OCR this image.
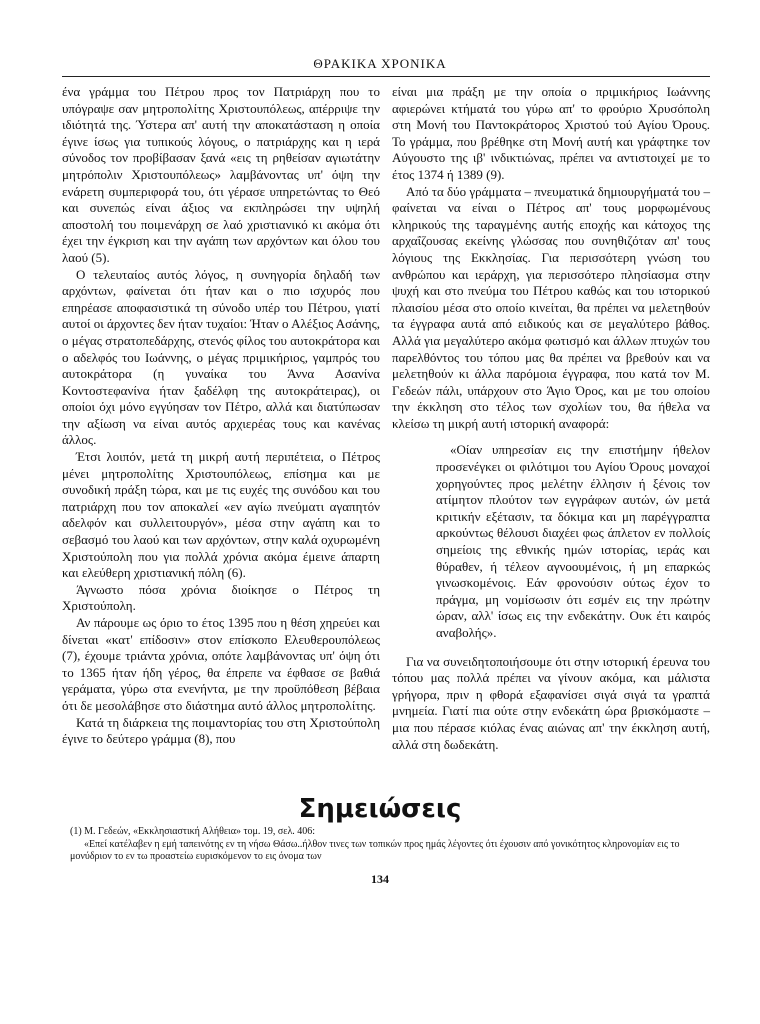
ΘΡΑΚΙΚΑ ΧΡΟΝΙΚΑ

ένα γράμμα του Πέτρου προς τον Πατριάρχη που το υπόγραψε σαν μητροπολίτης Χριστουπόλεως, απέρριψε την ιδιότητά της. Ύστερα απ' αυτή την αποκατάσταση η οποία έγινε ίσως για τυπικούς λόγους, ο πατριάρχης και η ιερά σύνοδος τον προβίβασαν ξανά «εις τη ρηθείσαν αγιωτάτην μητρόπολιν Χριστουπόλεως» λαμβάνοντας υπ' όψη την ενάρετη συμπεριφορά του, ότι γέρασε υπηρετώντας το Θεό και συνεπώς είναι άξιος να εκπληρώσει την υψηλή αποστολή του ποιμενάρχη σε λαό χριστιανικό κι ακόμα ότι έχει την έγκριση και την αγάπη των αρχόντων και όλου του λαού (5).

Ο τελευταίος αυτός λόγος, η συνηγορία δηλαδή των αρχόντων, φαίνεται ότι ήταν και ο πιο ισχυρός που επηρέασε αποφασιστικά τη σύνοδο υπέρ του Πέτρου, γιατί αυτοί οι άρχοντες δεν ήταν τυχαίοι: Ήταν ο Αλέξιος Ασάνης, ο μέγας στρατοπεδάρχης, στενός φίλος του αυτοκράτορα και ο αδελφός του Ιωάννης, ο μέγας πριμικήριος, γαμπρός του αυτοκράτορα (η γυναίκα του Άννα Ασανίνα Κοντοστεφανίνα ήταν ξαδέλφη της αυτοκράτειρας), οι οποίοι όχι μόνο εγγύησαν τον Πέτρο, αλλά και διατύπωσαν την αξίωση να είναι αυτός αρχιερέας τους και κανένας άλλος.

Έτσι λοιπόν, μετά τη μικρή αυτή περιπέτεια, ο Πέτρος μένει μητροπολίτης Χριστουπόλεως, επίσημα και με συνοδική πράξη τώρα, και με τις ευχές της συνόδου και του πατριάρχη που τον αποκαλεί «εν αγίω πνεύματι αγαπητόν αδελφόν και συλλειτουργόν», μέσα στην αγάπη και το σεβασμό του λαού και των αρχόντων, στην καλά οχυρωμένη Χριστούπολη που για πολλά χρόνια ακόμα έμεινε άπαρτη και ελεύθερη χριστιανική πόλη (6).

Άγνωστο πόσα χρόνια διοίκησε ο Πέτρος τη Χριστούπολη.

Αν πάρουμε ως όριο το έτος 1395 που η θέση χηρεύει και δίνεται «κατ' επίδοσιν» στον επίσκοπο Ελευθερουπόλεως (7), έχουμε τριάντα χρόνια, οπότε λαμβάνοντας υπ' όψη ότι το 1365 ήταν ήδη γέρος, θα έπρεπε να έφθασε σε βαθιά γεράματα, γύρω στα ενενήντα, με την προϋπόθεση βέβαια ότι δε μεσολάβησε στο διάστημα αυτό άλλος μητροπολίτης.

Κατά τη διάρκεια της ποιμαντορίας του στη Χριστούπολη έγινε το δεύτερο γράμμα (8), που

είναι μια πράξη με την οποία ο πριμικήριος Ιωάννης αφιερώνει κτήματά του γύρω απ' το φρούριο Χρυσόπολη στη Μονή του Παντοκράτορος Χριστού τού Αγίου Όρους. Το γράμμα, που βρέθηκε στη Μονή αυτή και γράφτηκε τον Αύγουστο της ιβ' ινδικτιώνας, πρέπει να αντιστοιχεί με το έτος 1374 ή 1389 (9).

Από τα δύο γράμματα – πνευματικά δημιουργήματά του – φαίνεται να είναι ο Πέτρος απ' τους μορφωμένους κληρικούς της ταραγμένης αυτής εποχής και κάτοχος της αρχαΐζουσας εκείνης γλώσσας που συνηθιζόταν απ' τους λόγιους της Εκκλησίας. Για περισσότερη γνώση του ανθρώπου και ιεράρχη, για περισσότερο πλησίασμα στην ψυχή και στο πνεύμα του Πέτρου καθώς και του ιστορικού πλαισίου μέσα στο οποίο κινείται, θα πρέπει να μελετηθούν τα έγγραφα αυτά από ειδικούς και σε μεγαλύτερο βάθος. Αλλά για μεγαλύτερο ακόμα φωτισμό και άλλων πτυχών του παρελθόντος του τόπου μας θα πρέπει να βρεθούν και να μελετηθούν κι άλλα παρόμοια έγγραφα, που κατά τον Μ. Γεδεών πάλι, υπάρχουν στο Άγιο Όρος, και με του οποίου την έκκληση στο τέλος των σχολίων του, θα ήθελα να κλείσω τη μικρή αυτή ιστορική αναφορά:

«Οίαν υπηρεσίαν εις την επιστήμην ήθελον προσενέγκει οι φιλότιμοι του Αγίου Όρους μοναχοί χορηγούντες προς μελέτην έλλησιν ή ξένοις τον ατίμητον πλούτον των εγγράφων αυτών, ών μετά κριτικήν εξέτασιν, τα δόκιμα και μη παρέγγραπτα αρκούντως θέλουσι διαχέει φως άπλετον εν πολλοίς σημείοις της εθνικής ημών ιστορίας, ιεράς και θύραθεν, ή τέλεον αγνοουμένοις, ή μη επαρκώς γινωσκομένοις. Εάν φρονούσιν ούτως έχον το πράγμα, μη νομίσωσιν ότι εσμέν εις την πρώτην ώραν, αλλ' ίσως εις την ενδεκάτην. Ουκ έτι καιρός αναβολής».

Για να συνειδητοποιήσουμε ότι στην ιστορική έρευνα του τόπου μας πολλά πρέπει να γίνουν ακόμα, και μάλιστα γρήγορα, πριν η φθορά εξαφανίσει σιγά σιγά τα γραπτά μνημεία. Γιατί πια ούτε στην ενδεκάτη ώρα βρισκόμαστε – μια που πέρασε κιόλας ένας αιώνας απ' την έκκληση αυτή, αλλά στη δωδεκάτη.

Σημειώσεις

(1) Μ. Γεδεών, «Εκκλησιαστική Αλήθεια» τομ. 19, σελ. 406:

«Επεί κατέλαβεν η εμή ταπεινότης εν τη νήσω Θάσω..ήλθον τινες των τοπικών προς ημάς λέγοντες ότι έχουσιν από γονικότητος κληρονομίαν εις το μονύδριον το εν τω προαστείω ευρισκόμενον το εις όνομα των

134
